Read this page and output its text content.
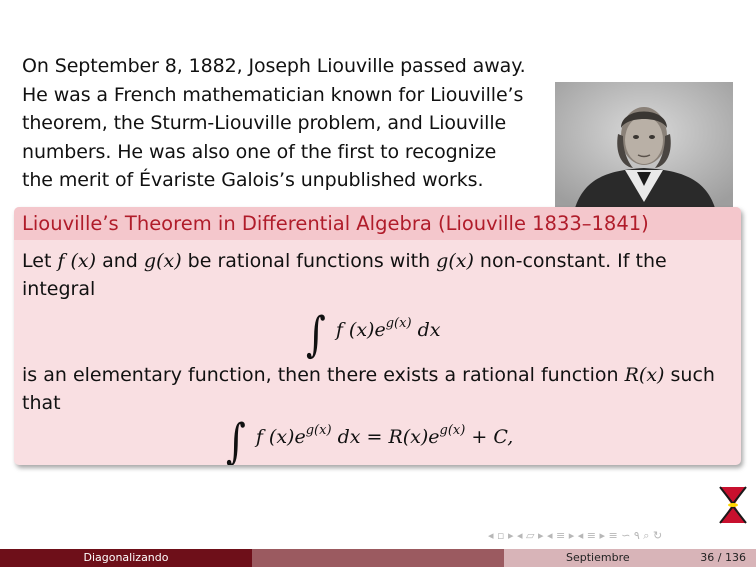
On September 8, 1882, Joseph Liouville passed away.
He was a French mathematician known for Liouville’s
theorem, the Sturm-Liouville problem, and Liouville
numbers. He was also one of the first to recognize
the merit of Évariste Galois’s unpublished works.
Liouville’s Theorem in Differential Algebra (Liouville 1833–1841)
Let f (x) and g(x) be rational functions with g(x) non-constant. If the
integral
∫ f $(x)e^{g(x)}$ dx
is an elementary function, then there exists a rational function R(x) such
that
∫ f $(x)e^{g(x)}$ dx = $R(x)e^{g(x)} + C$,
◂ ▫ ▸ ◂ ▱ ▸ ◂ ≡ ▸ ◂ ≡ ▸ ≡ ∽ ۹ ⌕ ↻
Diagonalizando	Septiembre	36 / 136
